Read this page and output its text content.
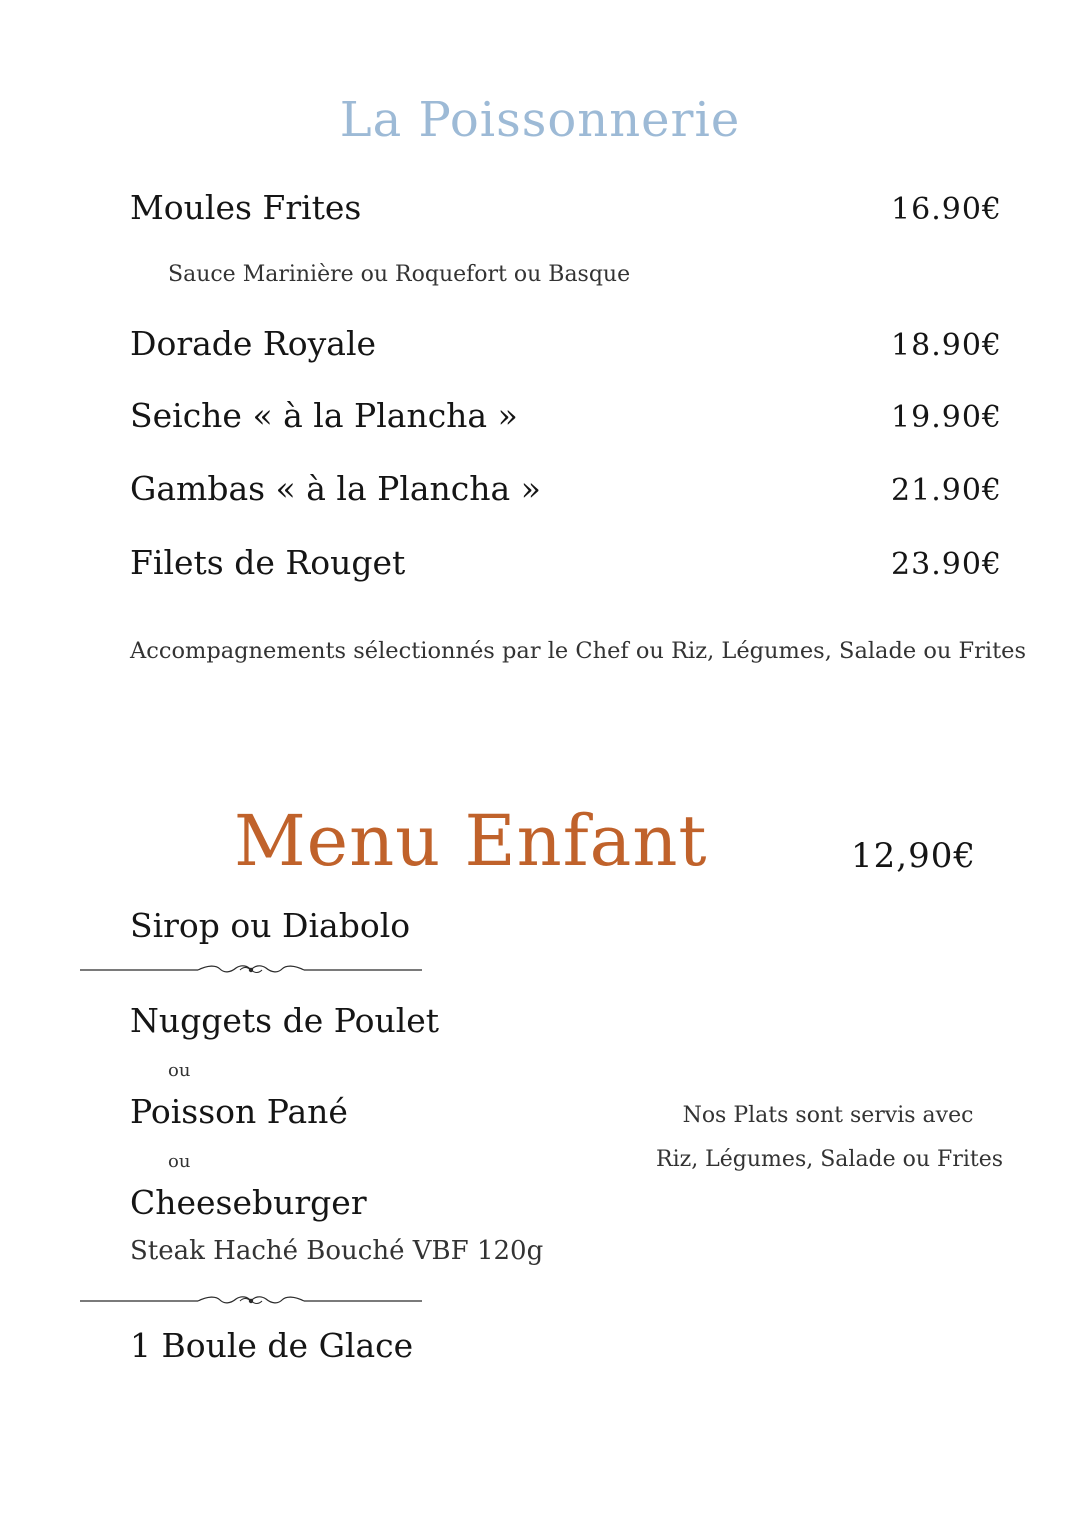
La Poissonnerie
Moules Frites	16.90€
Sauce Marinière ou Roquefort ou Basque
Dorade Royale	18.90€
Seiche « à la Plancha »	19.90€
Gambas « à la Plancha »	21.90€
Filets de Rouget	23.90€
Accompagnements sélectionnés par le Chef ou Riz, Légumes, Salade ou Frites
Menu Enfant	12,90€
Sirop ou Diabolo
Nuggets de Poulet
ou
Poisson Pané
ou
Cheeseburger
Steak Haché Bouché VBF 120g
1 Boule de Glace
Nos Plats sont servis avec
Riz, Légumes, Salade ou Frites
